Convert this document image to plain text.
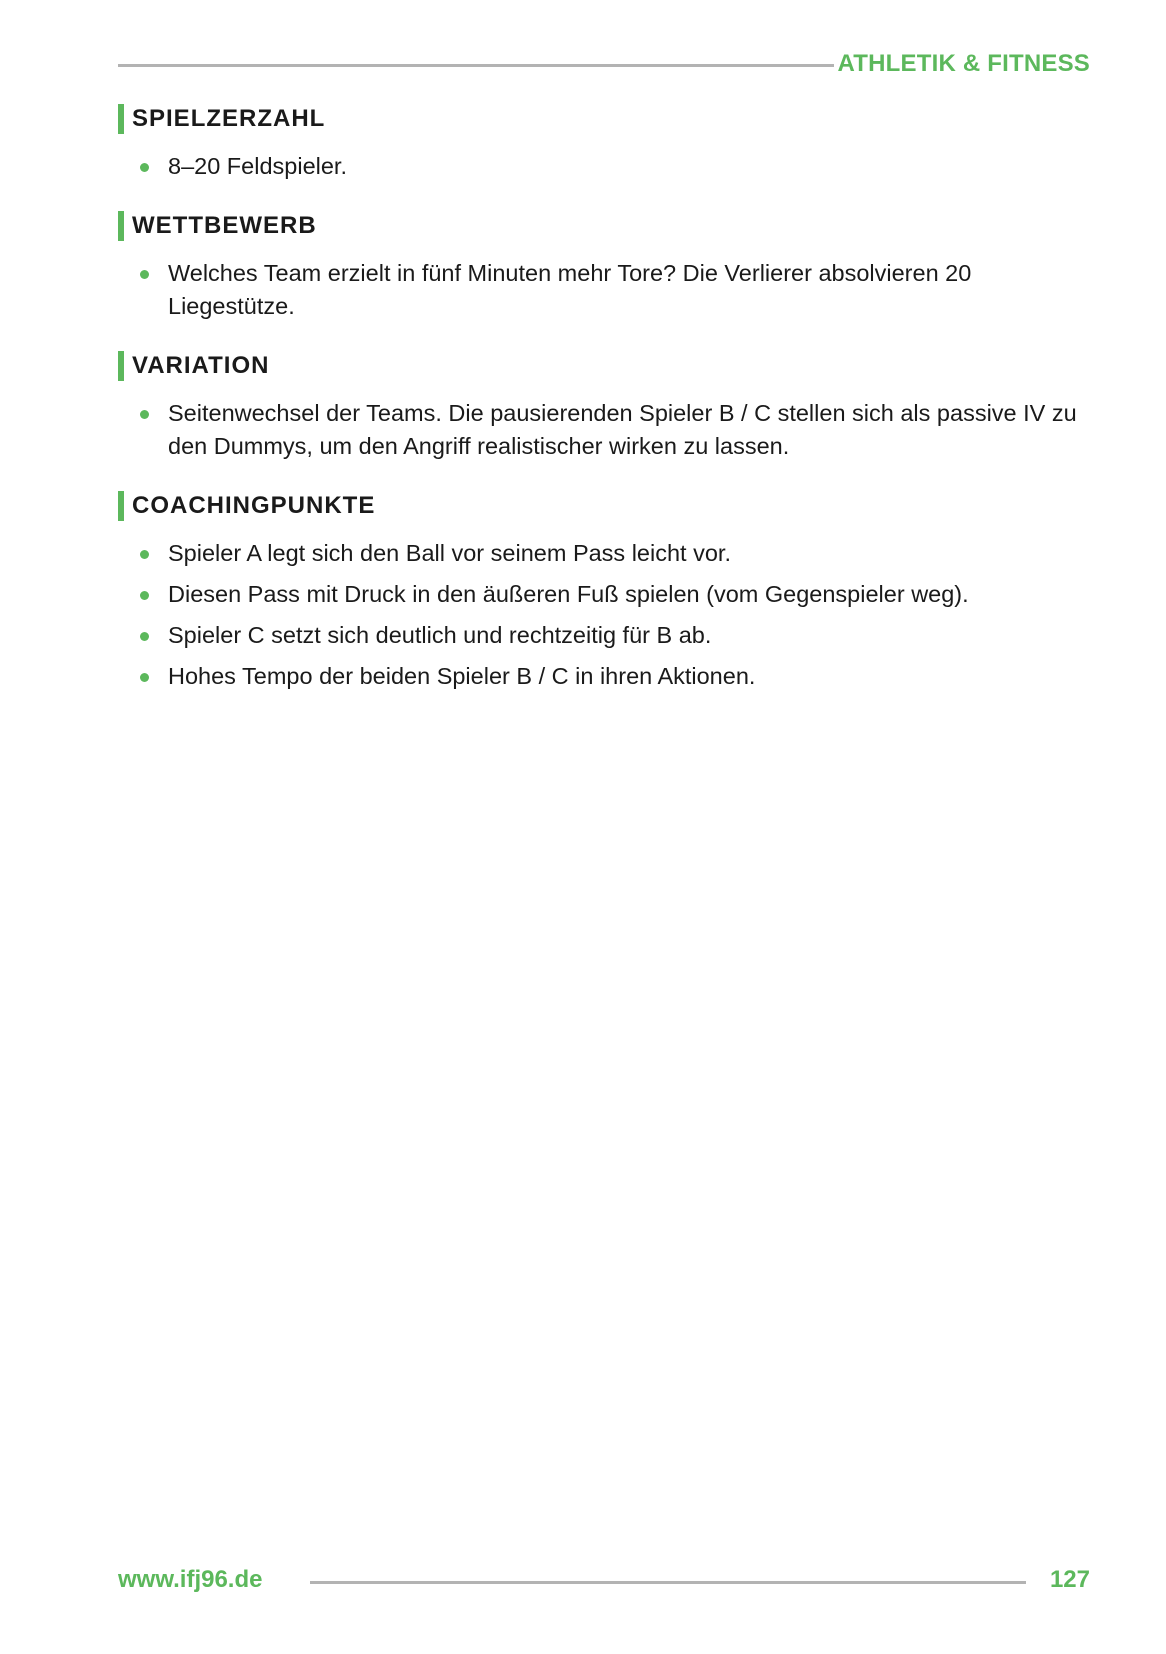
ATHLETIK & FITNESS
SPIELZERZAHL
8–20 Feldspieler.
WETTBEWERB
Welches Team erzielt in fünf Minuten mehr Tore? Die Verlierer absolvieren 20 Liegestütze.
VARIATION
Seitenwechsel der Teams. Die pausierenden Spieler B / C stellen sich als passive IV zu den Dummys, um den Angriff realistischer wirken zu lassen.
COACHINGPUNKTE
Spieler A legt sich den Ball vor seinem Pass leicht vor.
Diesen Pass mit Druck in den äußeren Fuß spielen (vom Gegenspieler weg).
Spieler C setzt sich deutlich und rechtzeitig für B ab.
Hohes Tempo der beiden Spieler B / C in ihren Aktionen.
www.ifj96.de	127
